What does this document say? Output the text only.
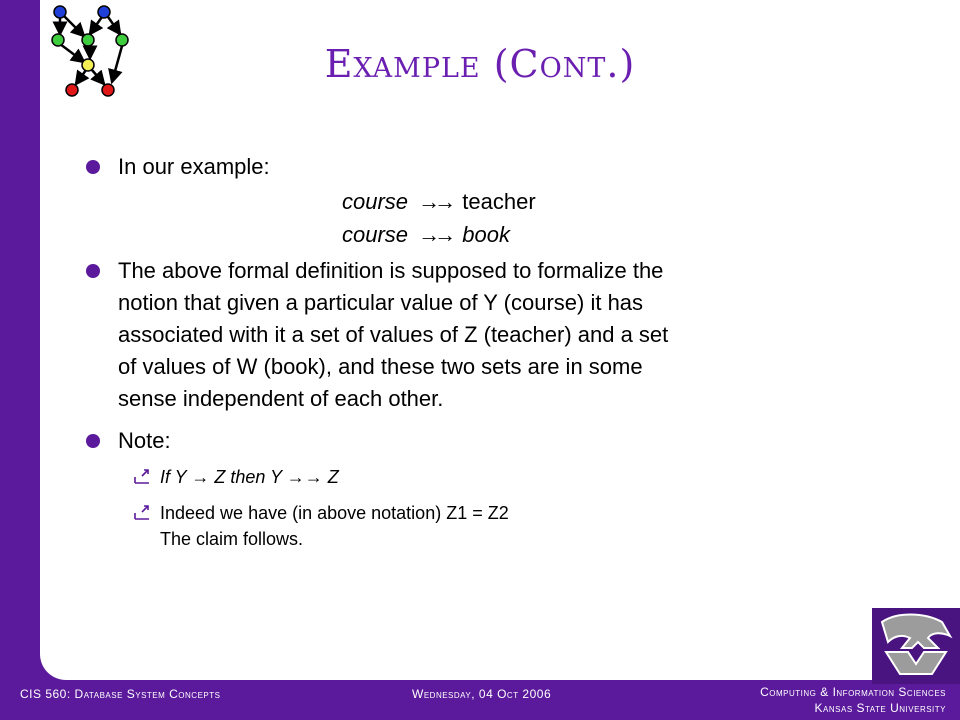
Example (Cont.)
In our example:
course →→ teacher
course →→ book
The above formal definition is supposed to formalize the
notion that given a particular value of Y (course) it has
associated with it a set of values of Z (teacher) and a set
of values of W (book), and these two sets are in some
sense independent of each other.
Note:
If Y → Z then Y →→ Z
Indeed we have (in above notation) Z1 = Z2
The claim follows.
CIS 560: Database System Concepts	Wednesday, 04 Oct 2006	Computing & Information Sciences
Kansas State University
